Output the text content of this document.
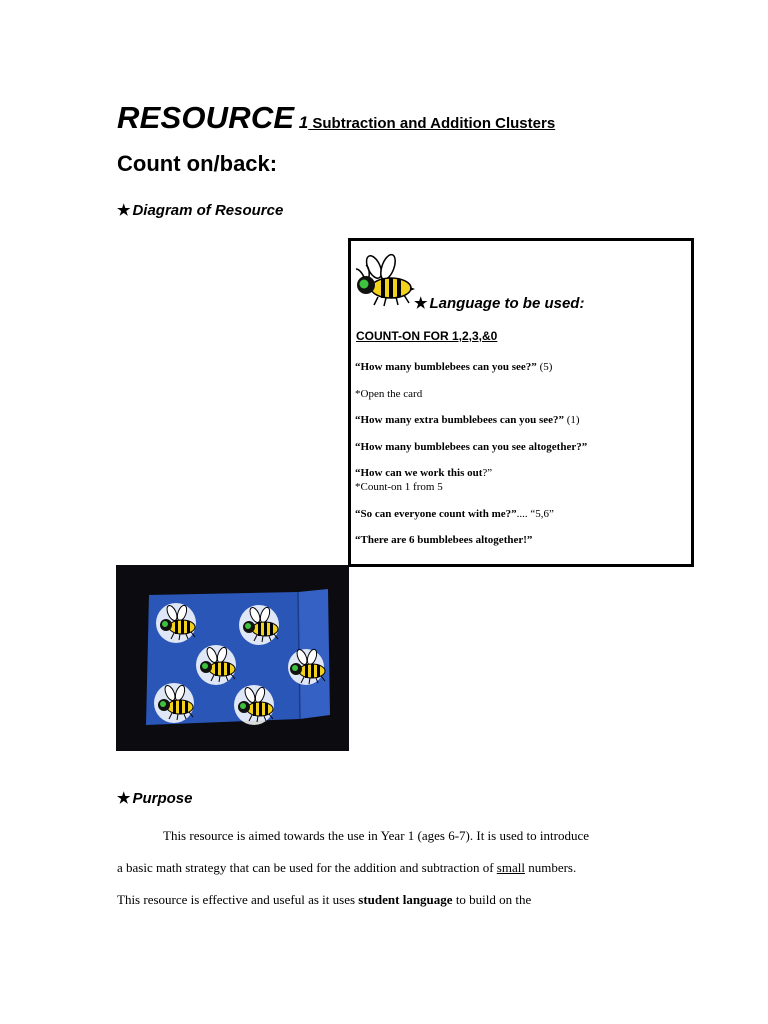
RESOURCE 1 Subtraction and Addition Clusters
Count on/back:
★ Diagram of Resource
★ Language to be used:
COUNT-ON FOR 1,2,3,&0
“How many bumblebees can you see?” (5)
*Open the card
“How many extra bumblebees can you see?” (1)
“How many bumblebees can you see altogether?”
“How can we work this out?”
*Count-on 1 from 5
“So can everyone count with me?”.... “5,6”
“There are 6 bumblebees altogether!”
★ Purpose
This resource is aimed towards the use in Year 1 (ages 6-7). It is used to introduce
a basic math strategy that can be used for the addition and subtraction of small numbers.
This resource is effective and useful as it uses student language to build on the
